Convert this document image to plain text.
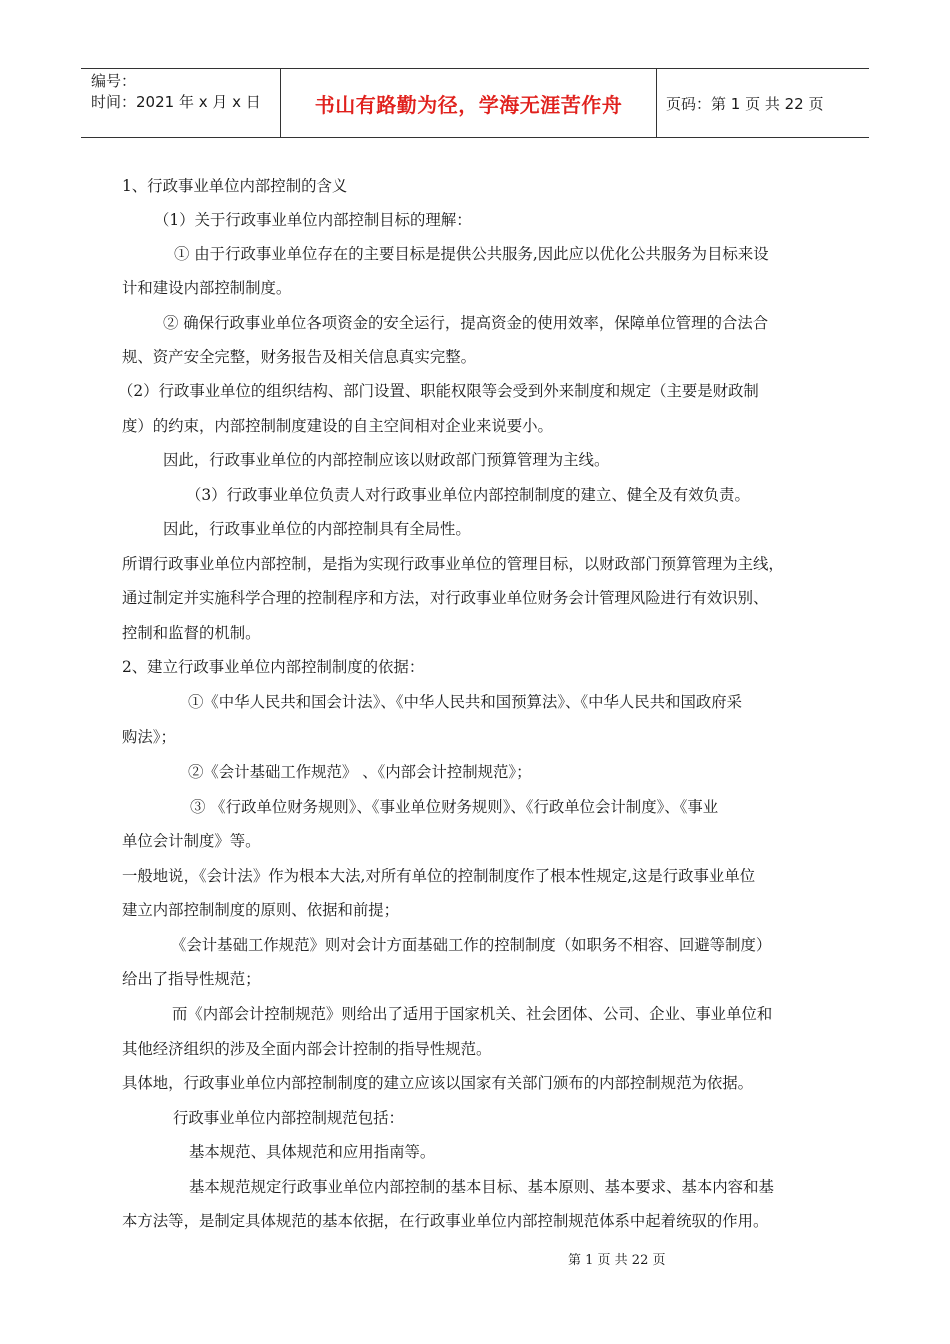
编号：
时间：2021 年 x 月 x 日	书山有路勤为径，学海无涯苦作舟	页码：第 1 页 共 22 页
1、行政事业单位内部控制的含义
（1）关于行政事业单位内部控制目标的理解：
① 由于行政事业单位存在的主要目标是提供公共服务,因此应以优化公共服务为目标来设
计和建设内部控制制度。
② 确保行政事业单位各项资金的安全运行，提高资金的使用效率，保障单位管理的合法合
规、资产安全完整，财务报告及相关信息真实完整。
（2）行政事业单位的组织结构、部门设置、职能权限等会受到外来制度和规定（主要是财政制
度）的约束，内部控制制度建设的自主空间相对企业来说要小。
因此，行政事业单位的内部控制应该以财政部门预算管理为主线。
（3）行政事业单位负责人对行政事业单位内部控制制度的建立、健全及有效负责。
因此，行政事业单位的内部控制具有全局性。
所谓行政事业单位内部控制，是指为实现行政事业单位的管理目标，以财政部门预算管理为主线，
通过制定并实施科学合理的控制程序和方法，对行政事业单位财务会计管理风险进行有效识别、
控制和监督的机制。
2、建立行政事业单位内部控制制度的依据：
①《中华人民共和国会计法》、《中华人民共和国预算法》、《中华人民共和国政府采
购法》；
②《会计基础工作规范》 、《内部会计控制规范》；
③ 《行政单位财务规则》、《事业单位财务规则》、《行政单位会计制度》、《事业
单位会计制度》等。
一般地说，《会计法》作为根本大法,对所有单位的控制制度作了根本性规定,这是行政事业单位
建立内部控制制度的原则、依据和前提；
《会计基础工作规范》则对会计方面基础工作的控制制度（如职务不相容、回避等制度）
给出了指导性规范；
而《内部会计控制规范》则给出了适用于国家机关、社会团体、公司、企业、事业单位和
其他经济组织的涉及全面内部会计控制的指导性规范。
具体地，行政事业单位内部控制制度的建立应该以国家有关部门颁布的内部控制规范为依据。
行政事业单位内部控制规范包括：
基本规范、具体规范和应用指南等。
基本规范规定行政事业单位内部控制的基本目标、基本原则、基本要求、基本内容和基
本方法等，是制定具体规范的基本依据，在行政事业单位内部控制规范体系中起着统驭的作用。
第 1 页 共 22 页
